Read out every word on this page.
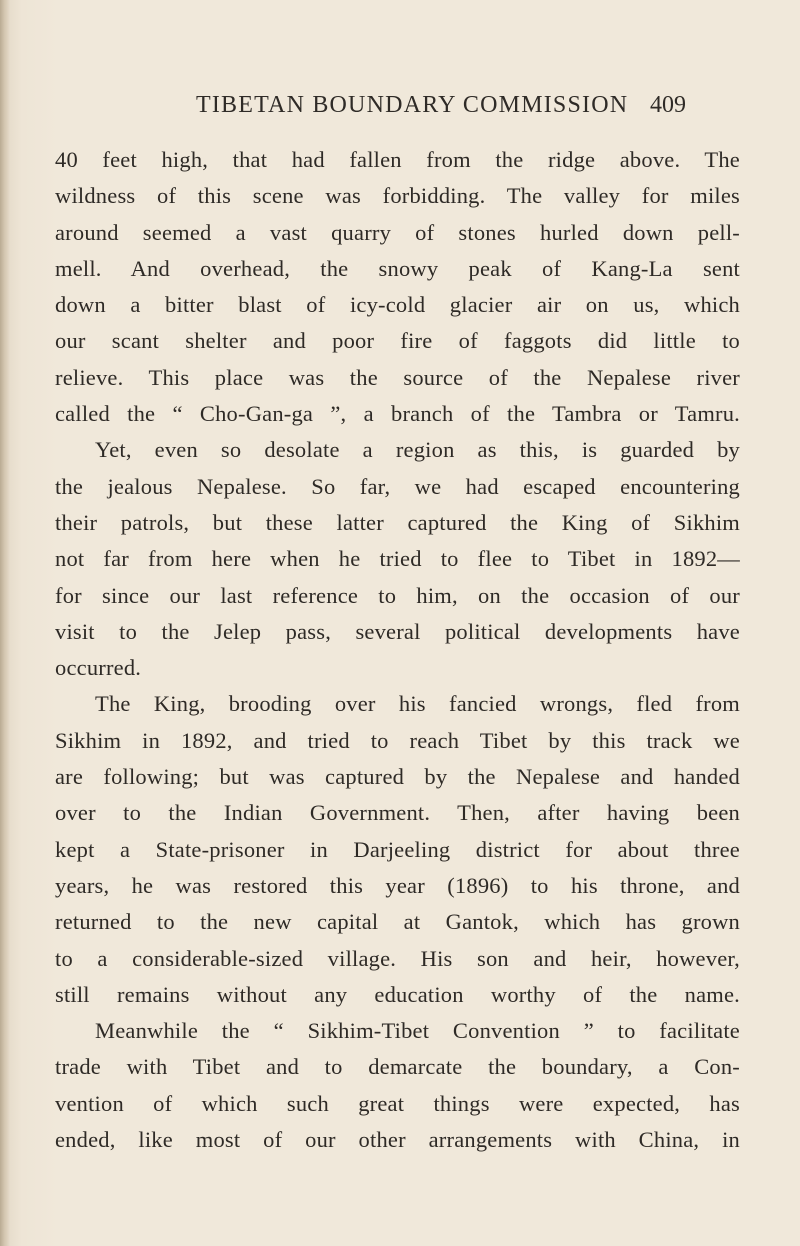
TIBETAN BOUNDARY COMMISSION 409
40 feet high, that had fallen from the ridge above. The
wildness of this scene was forbidding. The valley for miles
around seemed a vast quarry of stones hurled down pell-
mell. And overhead, the snowy peak of Kang-La sent
down a bitter blast of icy-cold glacier air on us, which
our scant shelter and poor fire of faggots did little to
relieve. This place was the source of the Nepalese river
called the “ Cho-Gan-ga ”, a branch of the Tambra or Tamru.
Yet, even so desolate a region as this, is guarded by
the jealous Nepalese. So far, we had escaped encountering
their patrols, but these latter captured the King of Sikhim
not far from here when he tried to flee to Tibet in 1892—
for since our last reference to him, on the occasion of our
visit to the Jelep pass, several political developments have
occurred.
The King, brooding over his fancied wrongs, fled from
Sikhim in 1892, and tried to reach Tibet by this track we
are following; but was captured by the Nepalese and handed
over to the Indian Government. Then, after having been
kept a State-prisoner in Darjeeling district for about three
years, he was restored this year (1896) to his throne, and
returned to the new capital at Gantok, which has grown
to a considerable-sized village. His son and heir, however,
still remains without any education worthy of the name.
Meanwhile the “ Sikhim-Tibet Convention ” to facilitate
trade with Tibet and to demarcate the boundary, a Con-
vention of which such great things were expected, has
ended, like most of our other arrangements with China, in
